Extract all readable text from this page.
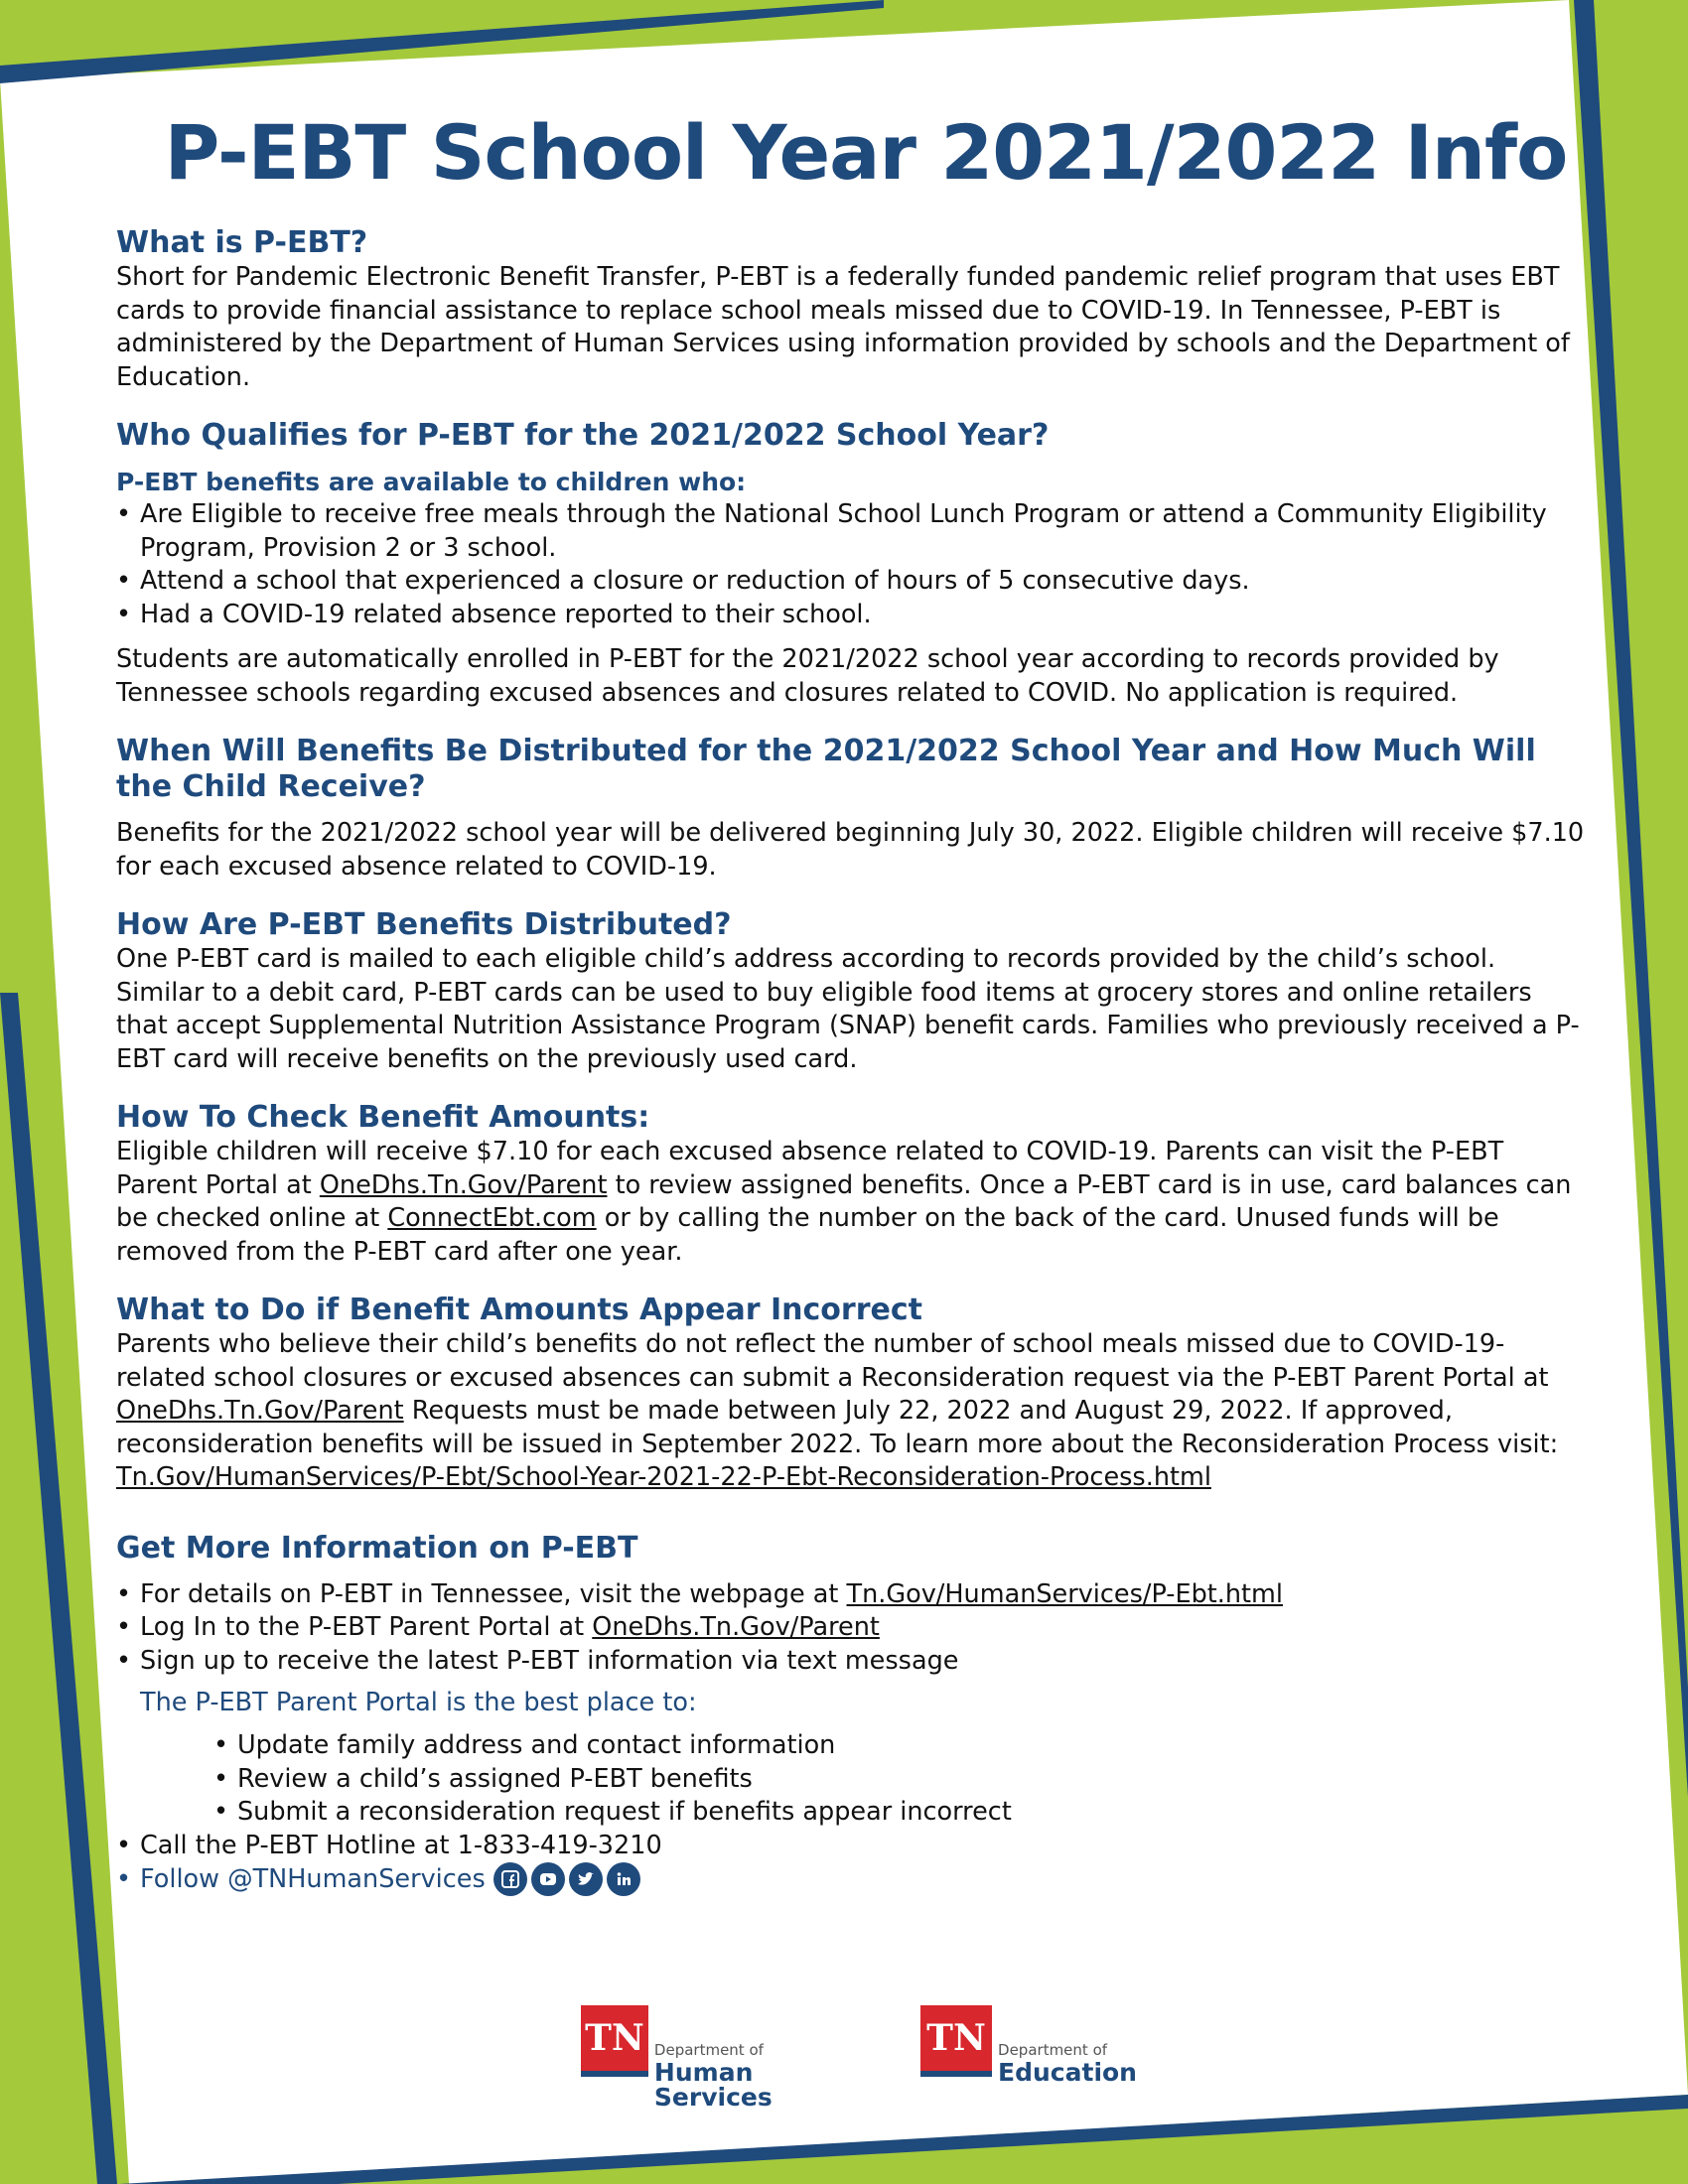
P-EBT School Year 2021/2022 Info
What is P-EBT?

Short for Pandemic Electronic Benefit Transfer, P-EBT is a federally funded pandemic relief program that uses EBT cards to provide financial assistance to replace school meals missed due to COVID-19. In Tennessee, P-EBT is administered by the Department of Human Services using information provided by schools and the Department of Education.

Who Qualifies for P-EBT for the 2021/2022 School Year?
P-EBT benefits are available to children who:
• Are Eligible to receive free meals through the National School Lunch Program or attend a Community Eligibility Program, Provision 2 or 3 school.
• Attend a school that experienced a closure or reduction of hours of 5 consecutive days.
• Had a COVID-19 related absence reported to their school.

Students are automatically enrolled in P-EBT for the 2021/2022 school year according to records provided by Tennessee schools regarding excused absences and closures related to COVID. No application is required.

When Will Benefits Be Distributed for the 2021/2022 School Year and How Much Will the Child Receive?

Benefits for the 2021/2022 school year will be delivered beginning July 30, 2022. Eligible children will receive $7.10 for each excused absence related to COVID-19.

How Are P-EBT Benefits Distributed?

One P-EBT card is mailed to each eligible child’s address according to records provided by the child’s school. Similar to a debit card, P-EBT cards can be used to buy eligible food items at grocery stores and online retailers that accept Supplemental Nutrition Assistance Program (SNAP) benefit cards. Families who previously received a P-EBT card will receive benefits on the previously used card.

How To Check Benefit Amounts:

Eligible children will receive $7.10 for each excused absence related to COVID-19. Parents can visit the P-EBT Parent Portal at OneDhs.Tn.Gov/Parent to review assigned benefits. Once a P-EBT card is in use, card balances can be checked online at ConnectEbt.com or by calling the number on the back of the card. Unused funds will be removed from the P-EBT card after one year.

What to Do if Benefit Amounts Appear Incorrect

Parents who believe their child’s benefits do not reflect the number of school meals missed due to COVID-19-related school closures or excused absences can submit a Reconsideration request via the P-EBT Parent Portal at OneDhs.Tn.Gov/Parent Requests must be made between July 22, 2022 and August 29, 2022. If approved, reconsideration benefits will be issued in September 2022. To learn more about the Reconsideration Process visit: Tn.Gov/HumanServices/P-Ebt/School-Year-2021-22-P-Ebt-Reconsideration-Process.html

Get More Information on P-EBT
• For details on P-EBT in Tennessee, visit the webpage at Tn.Gov/HumanServices/P-Ebt.html
• Log In to the P-EBT Parent Portal at OneDhs.Tn.Gov/Parent
• Sign up to receive the latest P-EBT information via text message
The P-EBT Parent Portal is the best place to:
• Update family address and contact information
• Review a child’s assigned P-EBT benefits
• Submit a reconsideration request if benefits appear incorrect
• Call the P-EBT Hotline at 1-833-419-3210
• Follow @TNHumanServices
TN Department of
Human Services
TN Department of
Education
